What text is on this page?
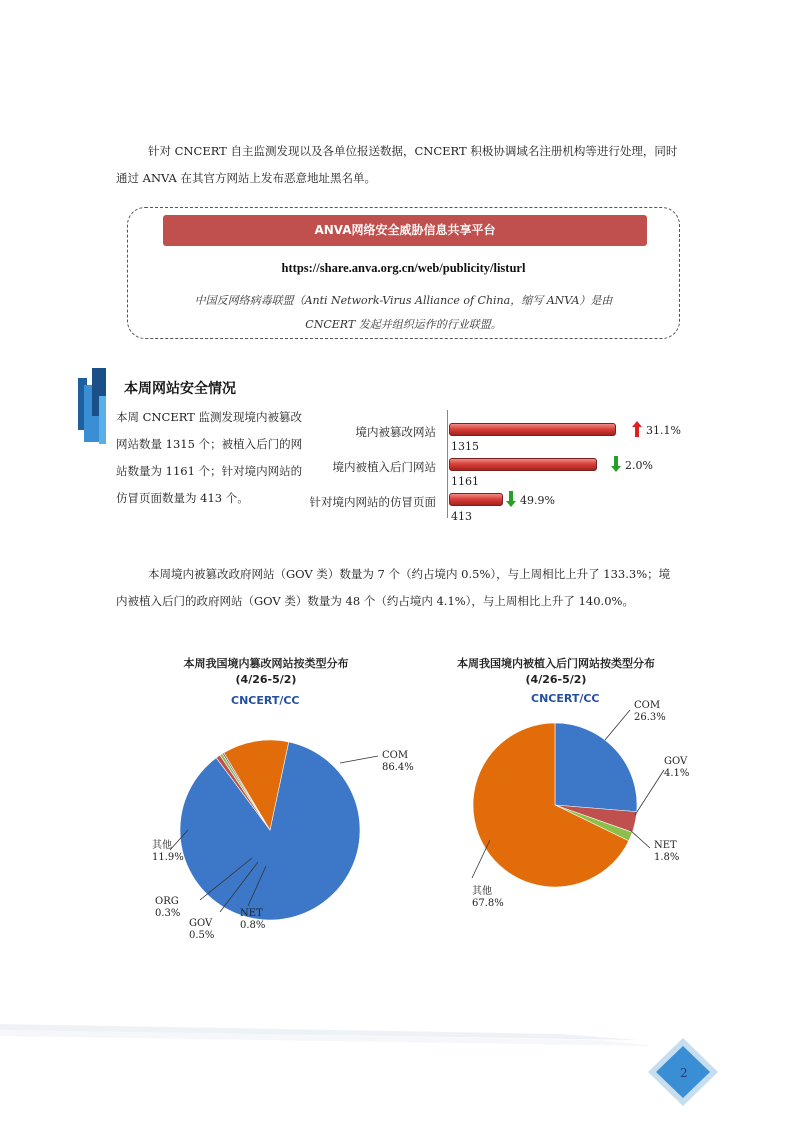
针对 CNCERT 自主监测发现以及各单位报送数据，CNCERT 积极协调域名注册机构等进行处理，同时
通过 ANVA 在其官方网站上发布恶意地址黑名单。
ANVA网络安全威胁信息共享平台
https://share.anva.org.cn/web/publicity/listurl
中国反网络病毒联盟（Anti Network-Virus Alliance of China，缩写 ANVA）是由
CNCERT 发起并组织运作的行业联盟。
本周网站安全情况
本周 CNCERT 监测发现境内被篡改网站数量 1315 个；被植入后门的网站数量为 1161 个；针对境内网站的仿冒页面数量为 413 个。
境内被篡改网站
1315
31.1%
境内被植入后门网站
1161
2.0%
针对境内网站的仿冒页面
413
49.9%
本周境内被篡改政府网站（GOV 类）数量为 7 个（约占境内 0.5%），与上周相比上升了 133.3%；境
内被植入后门的政府网站（GOV 类）数量为 48 个（约占境内 4.1%），与上周相比上升了 140.0%。
本周我国境内篡改网站按类型分布
(4/26-5/2)
CNCERT/CC
COM
86.4%
其他
11.9%
ORG
0.3%
GOV
0.5%
NET
0.8%
本周我国境内被植入后门网站按类型分布
(4/26-5/2)
CNCERT/CC
COM
26.3%
GOV
4.1%
NET
1.8%
其他
67.8%
2
